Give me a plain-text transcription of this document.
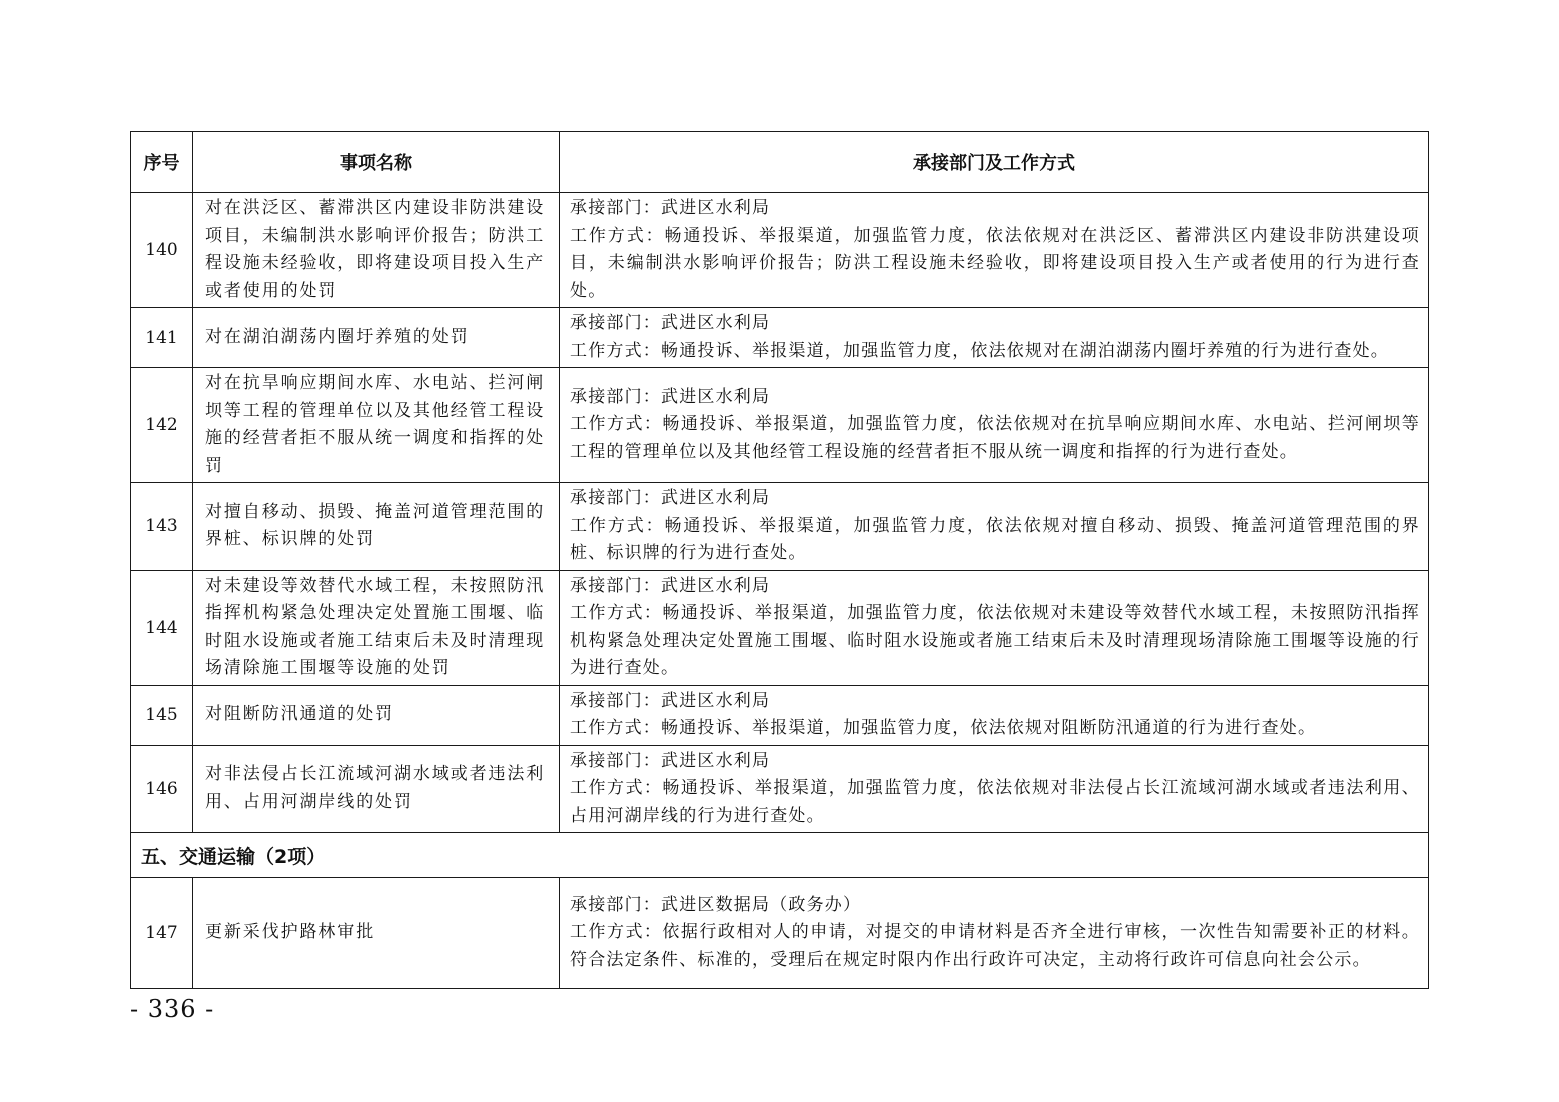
序号	事项名称	承接部门及工作方式
140	对在洪泛区、蓄滞洪区内建设非防洪建设项目，未编制洪水影响评价报告；防洪工程设施未经验收，即将建设项目投入生产或者使用的处罚	承接部门：武进区水利局
工作方式：畅通投诉、举报渠道，加强监管力度，依法依规对在洪泛区、蓄滞洪区内建设非防洪建设项目，未编制洪水影响评价报告；防洪工程设施未经验收，即将建设项目投入生产或者使用的行为进行查处。

141	对在湖泊湖荡内圈圩养殖的处罚	承接部门：武进区水利局
工作方式：畅通投诉、举报渠道，加强监管力度，依法依规对在湖泊湖荡内圈圩养殖的行为进行查处。

142	对在抗旱响应期间水库、水电站、拦河闸坝等工程的管理单位以及其他经管工程设施的经营者拒不服从统一调度和指挥的处罚	承接部门：武进区水利局
工作方式：畅通投诉、举报渠道，加强监管力度，依法依规对在抗旱响应期间水库、水电站、拦河闸坝等工程的管理单位以及其他经管工程设施的经营者拒不服从统一调度和指挥的行为进行查处。

143	对擅自移动、损毁、掩盖河道管理范围的界桩、标识牌的处罚	承接部门：武进区水利局
工作方式：畅通投诉、举报渠道，加强监管力度，依法依规对擅自移动、损毁、掩盖河道管理范围的界桩、标识牌的行为进行查处。

144	对未建设等效替代水域工程，未按照防汛指挥机构紧急处理决定处置施工围堰、临时阻水设施或者施工结束后未及时清理现场清除施工围堰等设施的处罚	承接部门：武进区水利局
工作方式：畅通投诉、举报渠道，加强监管力度，依法依规对未建设等效替代水域工程，未按照防汛指挥机构紧急处理决定处置施工围堰、临时阻水设施或者施工结束后未及时清理现场清除施工围堰等设施的行为进行查处。

145	对阻断防汛通道的处罚	承接部门：武进区水利局
工作方式：畅通投诉、举报渠道，加强监管力度，依法依规对阻断防汛通道的行为进行查处。

146	对非法侵占长江流域河湖水域或者违法利用、占用河湖岸线的处罚	承接部门：武进区水利局
工作方式：畅通投诉、举报渠道，加强监管力度，依法依规对非法侵占长江流域河湖水域或者违法利用、占用河湖岸线的行为进行查处。

五、交通运输（2项）		
147	更新采伐护路林审批	承接部门：武进区数据局（政务办）
工作方式：依据行政相对人的申请，对提交的申请材料是否齐全进行审核，一次性告知需要补正的材料。符合法定条件、标准的，受理后在规定时限内作出行政许可决定，主动将行政许可信息向社会公示。
- 336 -
